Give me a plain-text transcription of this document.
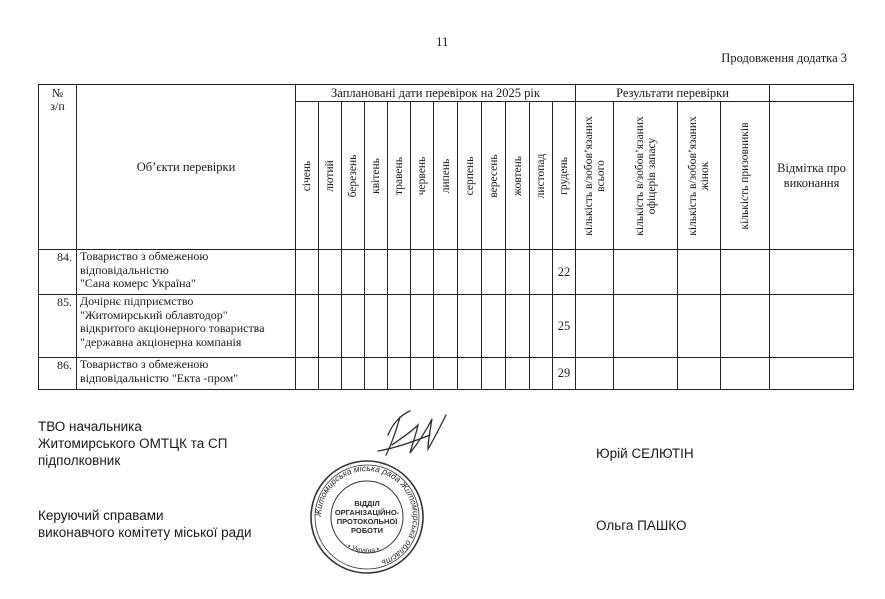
11
Продовження додатка 3
№
з/п	Об’єкти перевірки	Заплановані дати перевірок на 2025 рік												Результати перевірки				

		січень	лютий	березень	квітень	травень	червень	липень	серпень	вересень	жовтень	листопад	грудень	кількість в/зобов’язаних всього	кількість в/зобов’язаних офіцерів запасу	кількість в/зобов’язаних жінок	кількість призовників	Відмітка про
виконання
84.	Товариство з обмеженою
відповідальністю
"Сана комерс Україна"												22					
85.	Дочірнє підприємство
"Житомирський облавтодор"
відкритого акціонерного товариства
"державна акціонерна компанія												25					
86.	Товариство з обмеженою
відповідальністю "Екта -пром"												29					
ТВО начальника
Житомирського ОМТЦК та СП
підполковник	Юрій СЕЛЮТІН
Житомирська міська рада Житомирська область
• Україна •
ВІДДІЛ
ОРГАНІЗАЦІЙНО-
ПРОТОКОЛЬНОЇ
РОБОТИ
Керуючий справами
виконавчого комітету міської ради	Ольга ПАШКО
